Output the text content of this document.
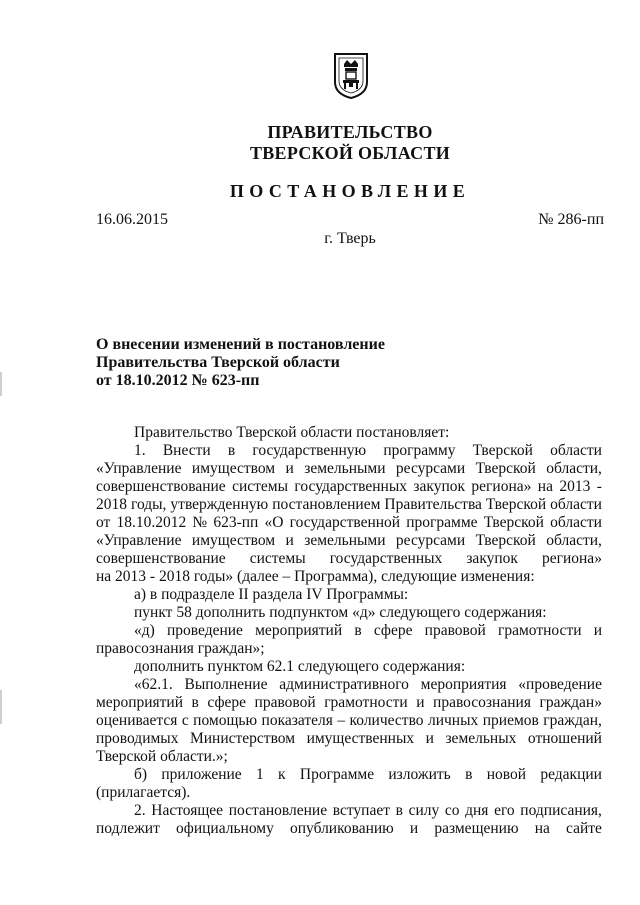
ПРАВИТЕЛЬСТВО
ТВЕРСКОЙ ОБЛАСТИ
ПОСТАНОВЛЕНИЕ
16.06.2015	№ 286-пп
г. Тверь
О внесении изменений в постановление
Правительства Тверской области
от 18.10.2012 № 623-пп
Правительство Тверской области постановляет:
1. Внести в государственную программу Тверской области
«Управление имуществом и земельными ресурсами Тверской области,
совершенствование системы государственных закупок региона» на 2013 -
2018 годы, утвержденную постановлением Правительства Тверской области
от 18.10.2012 № 623-пп «О государственной программе Тверской области
«Управление имуществом и земельными ресурсами Тверской области,
совершенствование системы государственных закупок региона»
на 2013 - 2018 годы» (далее – Программа), следующие изменения:
а) в подразделе II раздела IV Программы:
пункт 58 дополнить подпунктом «д» следующего содержания:
«д) проведение мероприятий в сфере правовой грамотности и
правосознания граждан»;
дополнить пунктом 62.1 следующего содержания:
«62.1. Выполнение административного мероприятия «проведение
мероприятий в сфере правовой грамотности и правосознания граждан»
оценивается с помощью показателя – количество личных приемов граждан,
проводимых Министерством имущественных и земельных отношений
Тверской области.»;
б) приложение 1 к Программе изложить в новой редакции
(прилагается).
2. Настоящее постановление вступает в силу со дня его подписания,
подлежит официальному опубликованию и размещению на сайте
